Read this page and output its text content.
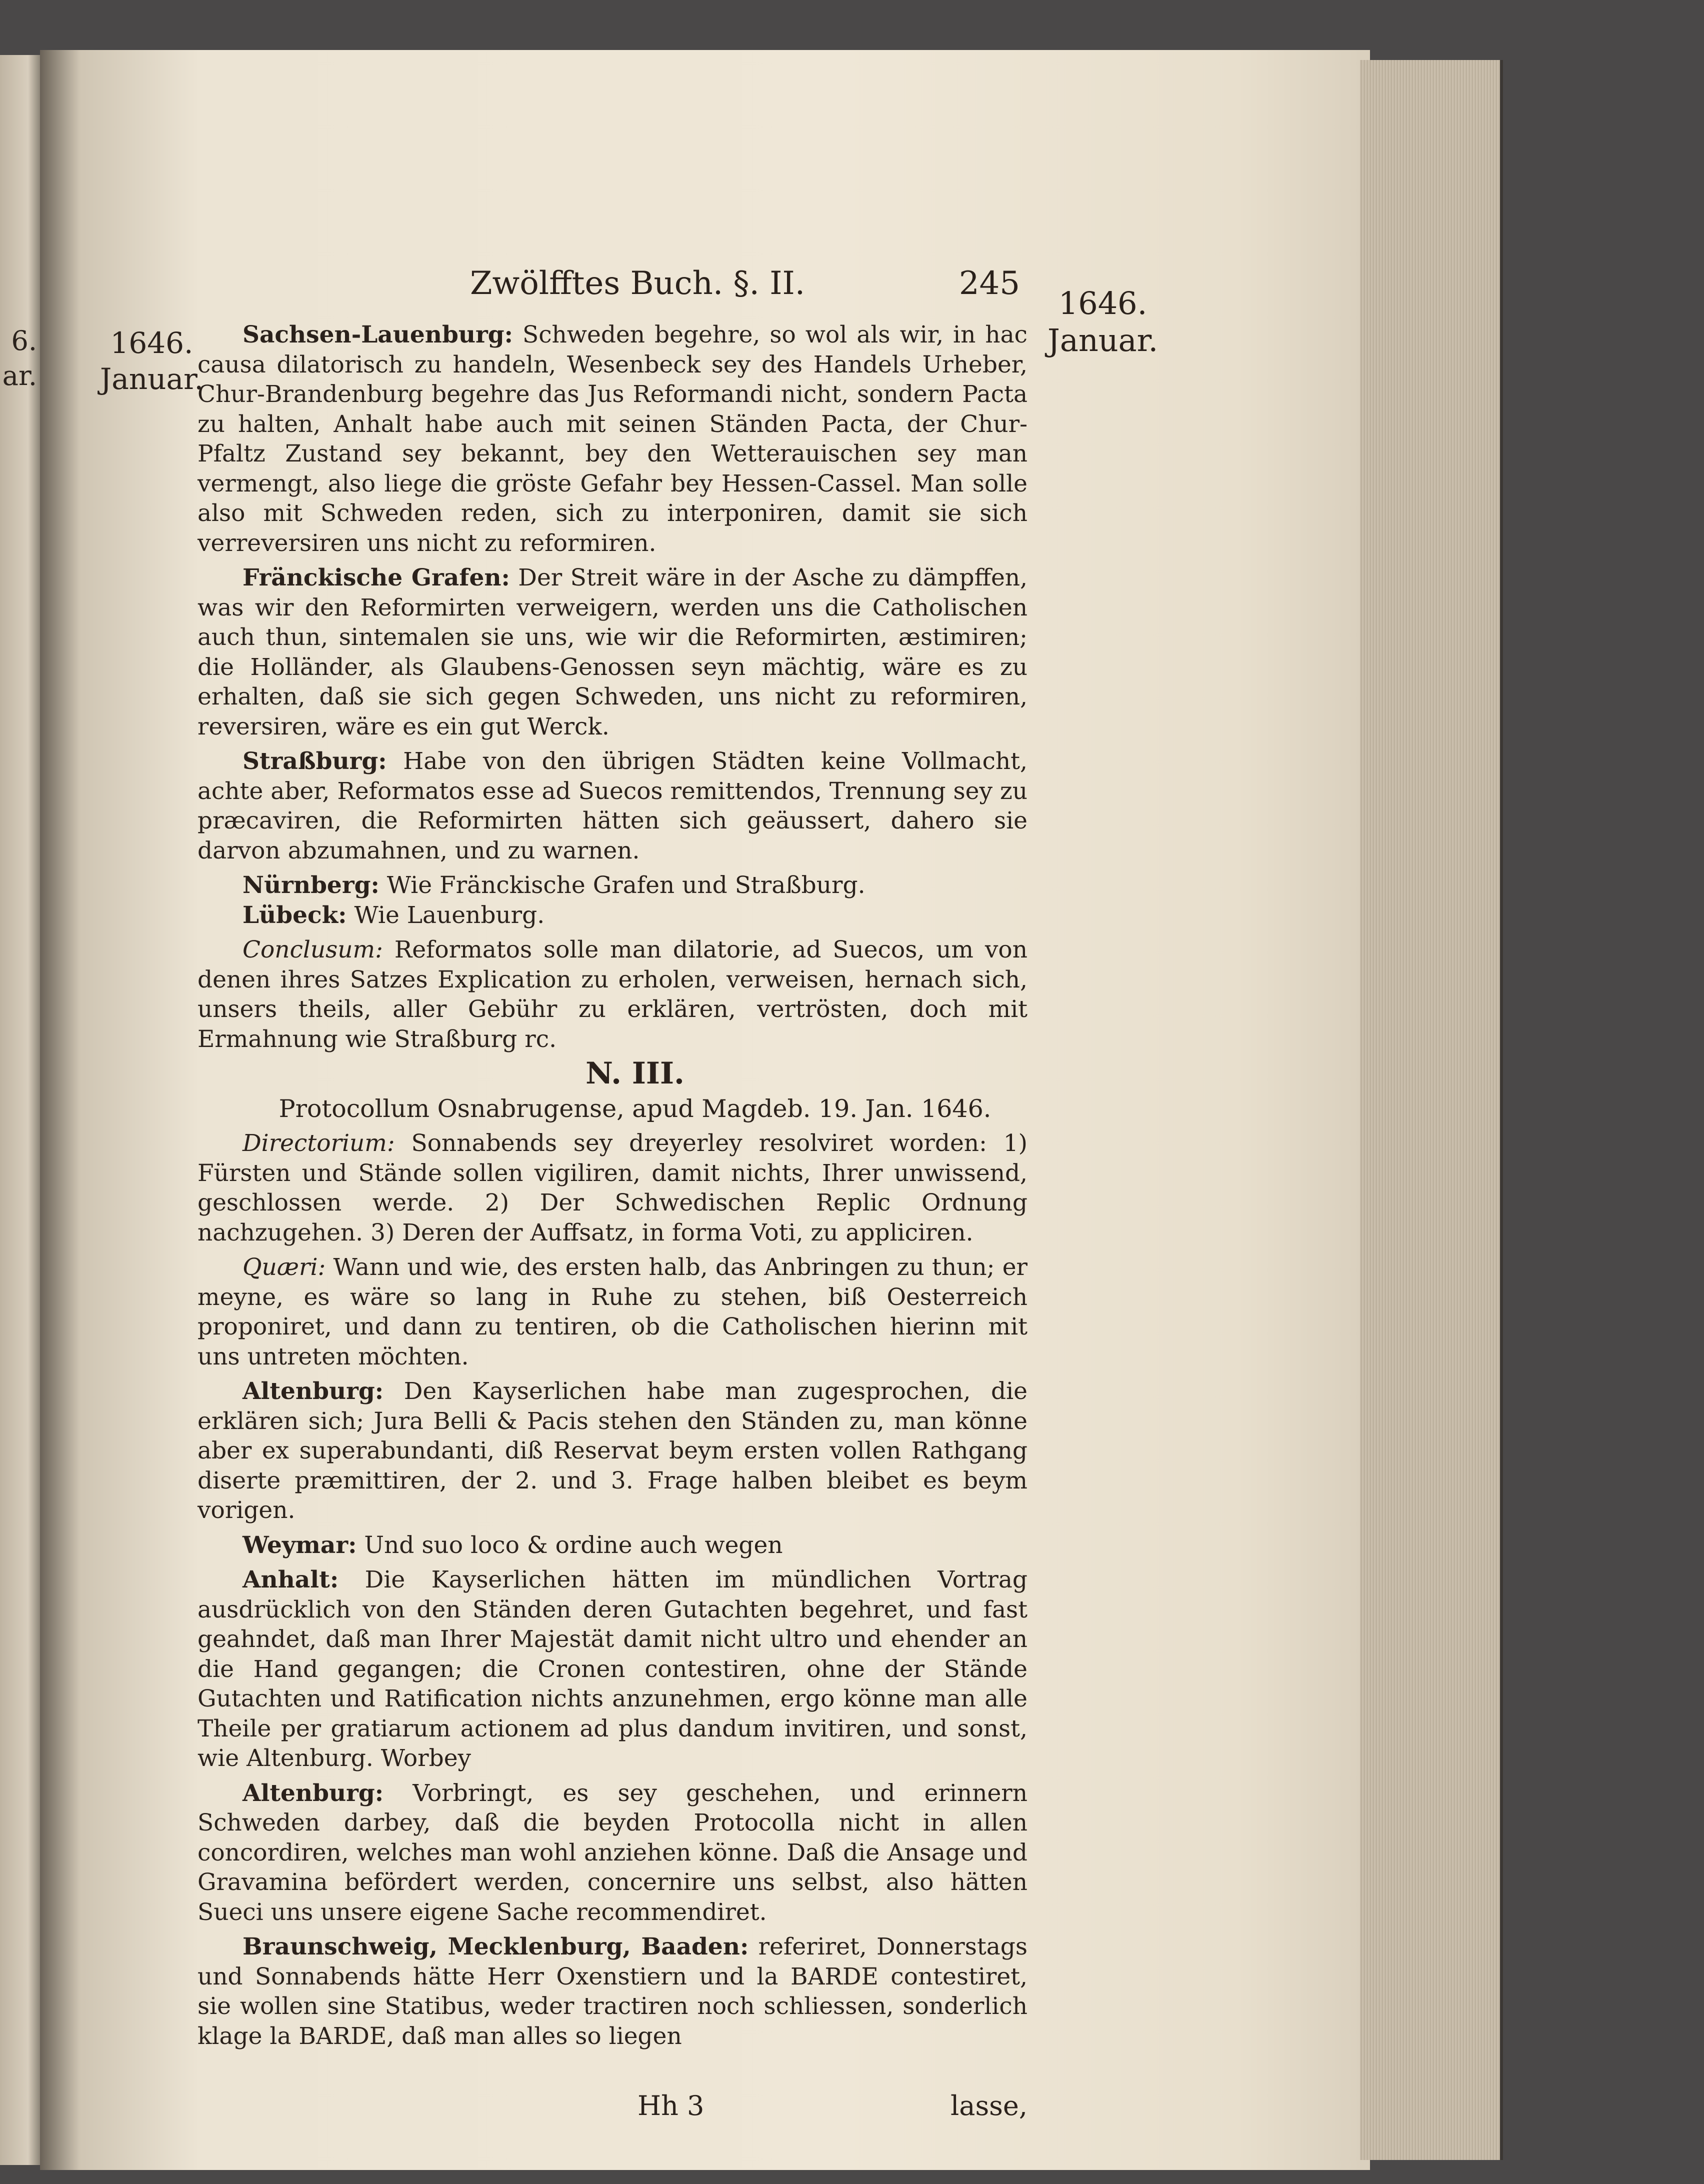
6.
ar.
Zwölfftes Buch. §. II.	245
1646.
Januar.
1646.
Januar.

Sachsen-Lauenburg: Schweden begehre, so wol als wir, in hac causa dilatorisch zu handeln, Wesenbeck sey des Handels Urheber, Chur-Brandenburg begehre das Jus Reformandi nicht, sondern Pacta zu halten, Anhalt habe auch mit seinen Ständen Pacta, der Chur-Pfaltz Zustand sey bekannt, bey den Wetterauischen sey man vermengt, also liege die gröste Gefahr bey Hessen-Cassel. Man solle also mit Schweden reden, sich zu interponiren, damit sie sich verreversiren uns nicht zu reformiren.

Fränckische Grafen: Der Streit wäre in der Asche zu dämpffen, was wir den Reformirten verweigern, werden uns die Catholischen auch thun, sintemalen sie uns, wie wir die Reformirten, æstimiren; die Holländer, als Glaubens-Genossen seyn mächtig, wäre es zu erhalten, daß sie sich gegen Schweden, uns nicht zu reformiren, reversiren, wäre es ein gut Werck.

Straßburg: Habe von den übrigen Städten keine Vollmacht, achte aber, Reformatos esse ad Suecos remittendos, Trennung sey zu præcaviren, die Reformirten hätten sich geäussert, dahero sie darvon abzumahnen, und zu warnen.

Nürnberg: Wie Fränckische Grafen und Straßburg.

Lübeck: Wie Lauenburg.

Conclusum: Reformatos solle man dilatorie, ad Suecos, um von denen ihres Satzes Explication zu erholen, verweisen, hernach sich, unsers theils, aller Gebühr zu erklären, vertrösten, doch mit Ermahnung wie Straßburg rc.

N. III.

Protocollum Osnabrugense, apud Magdeb. 19. Jan. 1646.

Directorium: Sonnabends sey dreyerley resolviret worden: 1) Fürsten und Stände sollen vigiliren, damit nichts, Ihrer unwissend, geschlossen werde. 2) Der Schwedischen Replic Ordnung nachzugehen. 3) Deren der Auffsatz, in forma Voti, zu appliciren.

Quæri: Wann und wie, des ersten halb, das Anbringen zu thun; er meyne, es wäre so lang in Ruhe zu stehen, biß Oesterreich proponiret, und dann zu tentiren, ob die Catholischen hierinn mit uns untreten möchten.

Altenburg: Den Kayserlichen habe man zugesprochen, die erklären sich; Jura Belli & Pacis stehen den Ständen zu, man könne aber ex superabundanti, diß Reservat beym ersten vollen Rathgang diserte præmittiren, der 2. und 3. Frage halben bleibet es beym vorigen.

Weymar: Und suo loco & ordine auch wegen

Anhalt: Die Kayserlichen hätten im mündlichen Vortrag ausdrücklich von den Ständen deren Gutachten begehret, und fast geahndet, daß man Ihrer Majestät damit nicht ultro und ehender an die Hand gegangen; die Cronen contestiren, ohne der Stände Gutachten und Ratification nichts anzunehmen, ergo könne man alle Theile per gratiarum actionem ad plus dandum invitiren, und sonst, wie Altenburg. Worbey

Altenburg: Vorbringt, es sey geschehen, und erinnern Schweden darbey, daß die beyden Protocolla nicht in allen concordiren, welches man wohl anziehen könne. Daß die Ansage und Gravamina befördert werden, concernire uns selbst, also hätten Sueci uns unsere eigene Sache recommendiret.

Braunschweig, Mecklenburg, Baaden: referiret, Donnerstags und Sonnabends hätte Herr Oxenstiern und la BARDE contestiret, sie wollen sine Statibus, weder tractiren noch schliessen, sonderlich klage la BARDE, daß man alles so liegen

Hh 3	lasse,
